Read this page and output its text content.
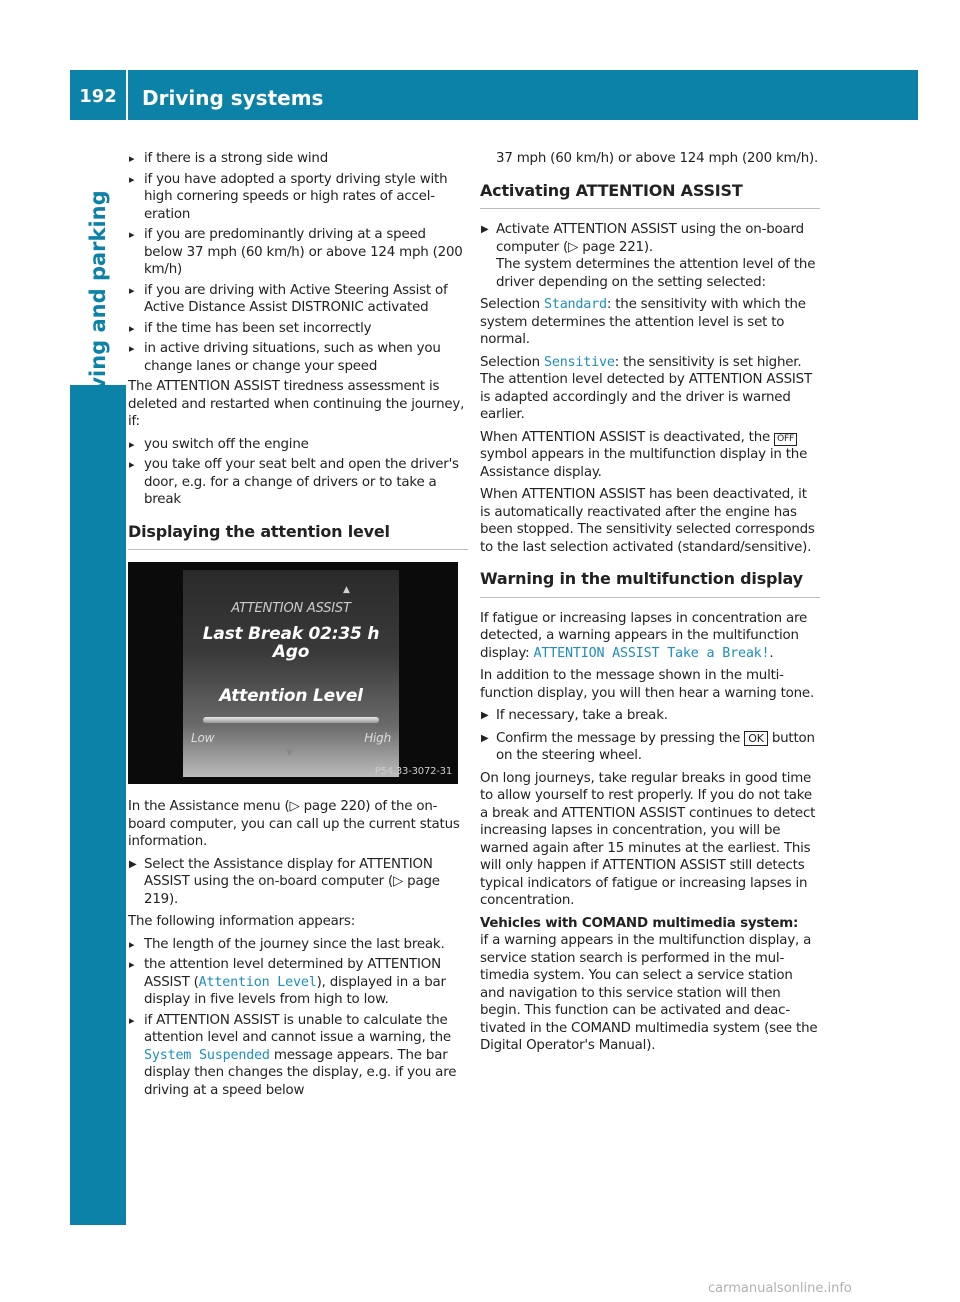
192	Driving systems
Driving and parking
▸ if there is a strong side wind
▸ if you have adopted a sporty driving style with high cornering speeds or high rates of acceleration
▸ if you are predominantly driving at a speed below 37 mph (60 km/h) or above 124 mph (200 km/h)
▸ if you are driving with Active Steering Assist of Active Distance Assist DISTRONIC activated
▸ if the time has been set incorrectly
▸ in active driving situations, such as when you change lanes or change your speed

The ATTENTION ASSIST tiredness assessment is deleted and restarted when continuing the journey, if:

▸ you switch off the engine
▸ you take off your seat belt and open the driver's door, e.g. for a change of drivers or to take a break
Displaying the attention level
▲
ATTENTION ASSIST
Last Break 02:35 h Ago
Attention Level
Low	High
▼
P54.33-3072-31

In the Assistance menu (▷ page 220) of the on-board computer, you can call up the current status information.

▶ Select the Assistance display for ATTENTION ASSIST using the on-board computer (▷ page 219).

The following information appears:

▸ The length of the journey since the last break.
▸ the attention level determined by ATTENTION ASSIST (Attention Level), displayed in a bar display in five levels from high to low.
▸ if ATTENTION ASSIST is unable to calculate the attention level and cannot issue a warning, the System Suspended message appears. The bar display then changes the display, e.g. if you are driving at a speed below

37 mph (60 km/h) or above 124 mph (200 km/h).

Activating ATTENTION ASSIST
▶ Activate ATTENTION ASSIST using the on-board computer (▷ page 221).
The system determines the attention level of the driver depending on the setting selected:

Selection Standard: the sensitivity with which the system determines the attention level is set to normal.

Selection Sensitive: the sensitivity is set higher. The attention level detected by ATTENTION ASSIST is adapted accordingly and the driver is warned earlier.

When ATTENTION ASSIST is deactivated, the OFF symbol appears in the multifunction display in the Assistance display.

When ATTENTION ASSIST has been deactivated, it is automatically reactivated after the engine has been stopped. The sensitivity selected corresponds to the last selection activated (standard/sensitive).

Warning in the multifunction display

If fatigue or increasing lapses in concentration are detected, a warning appears in the multifunction display: ATTENTION ASSIST Take a Break!.

In addition to the message shown in the multifunction display, you will then hear a warning tone.

▶ If necessary, take a break.
▶ Confirm the message by pressing the OK button on the steering wheel.

On long journeys, take regular breaks in good time to allow yourself to rest properly. If you do not take a break and ATTENTION ASSIST continues to detect increasing lapses in concentration, you will be warned again after 15 minutes at the earliest. This will only happen if ATTENTION ASSIST still detects typical indicators of fatigue or increasing lapses in concentration.

Vehicles with COMAND multimedia system:

if a warning appears in the multifunction display, a service station search is performed in the multimedia system. You can select a service station and navigation to this service station will then begin. This function can be activated and deactivated in the COMAND multimedia system (see the Digital Operator's Manual).

carmanualsonline.info
